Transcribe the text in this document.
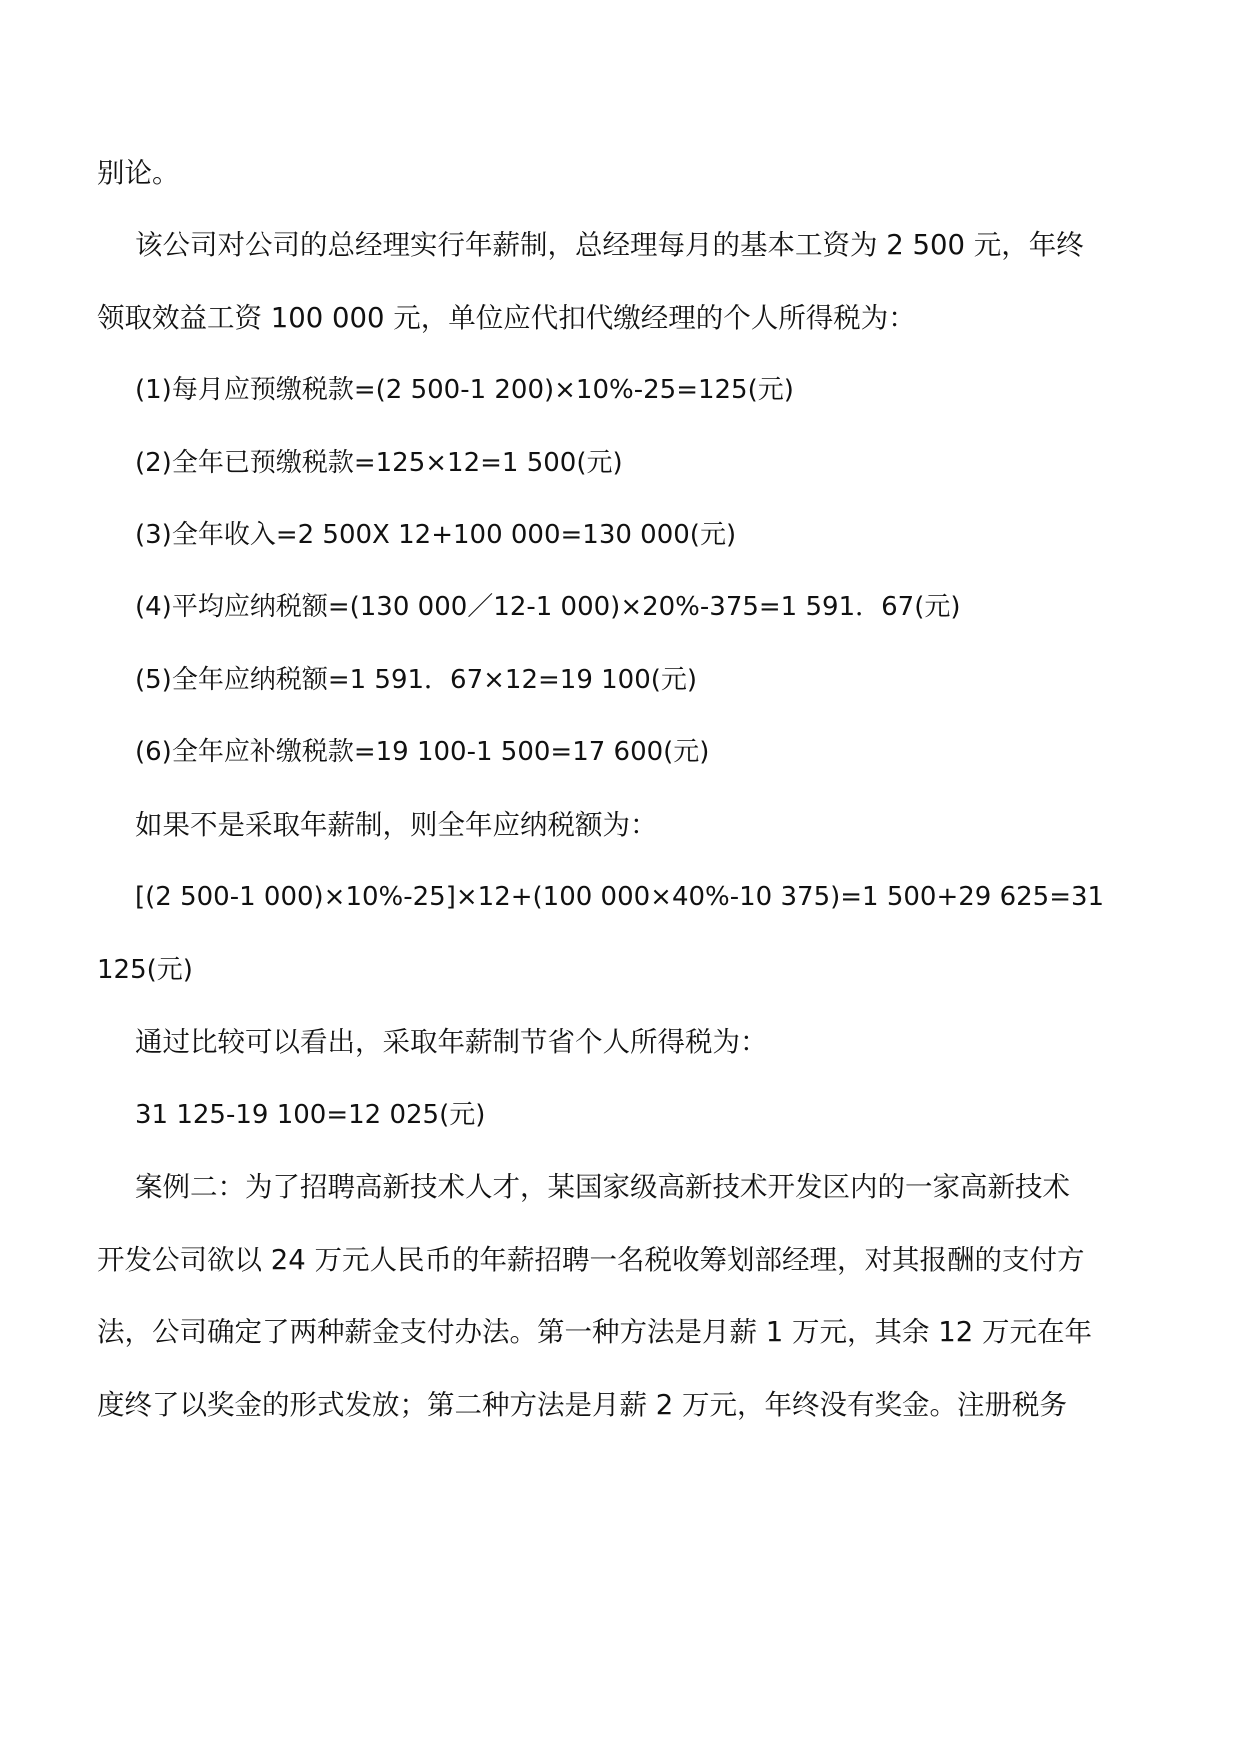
别论。
该公司对公司的总经理实行年薪制，总经理每月的基本工资为 2 500 元，年终
领取效益工资 100 000 元，单位应代扣代缴经理的个人所得税为：
(1)每月应预缴税款=(2 500-1 200)×10%-25=125(元)
(2)全年已预缴税款=125×12=1 500(元)
(3)全年收入=2 500X 12+100 000=130 000(元)
(4)平均应纳税额=(130 000／12-1 000)×20%-375=1 591．67(元)
(5)全年应纳税额=1 591．67×12=19 100(元)
(6)全年应补缴税款=19 100-1 500=17 600(元)
如果不是采取年薪制，则全年应纳税额为：
[(2 500-1 000)×10%-25]×12+(100 000×40%-10 375)=1 500+29 625=31
125(元)
通过比较可以看出，采取年薪制节省个人所得税为：
31 125-19 100=12 025(元)
案例二：为了招聘高新技术人才，某国家级高新技术开发区内的一家高新技术
开发公司欲以 24 万元人民币的年薪招聘一名税收筹划部经理，对其报酬的支付方
法，公司确定了两种薪金支付办法。第一种方法是月薪 1 万元，其余 12 万元在年
度终了以奖金的形式发放；第二种方法是月薪 2 万元，年终没有奖金。注册税务
